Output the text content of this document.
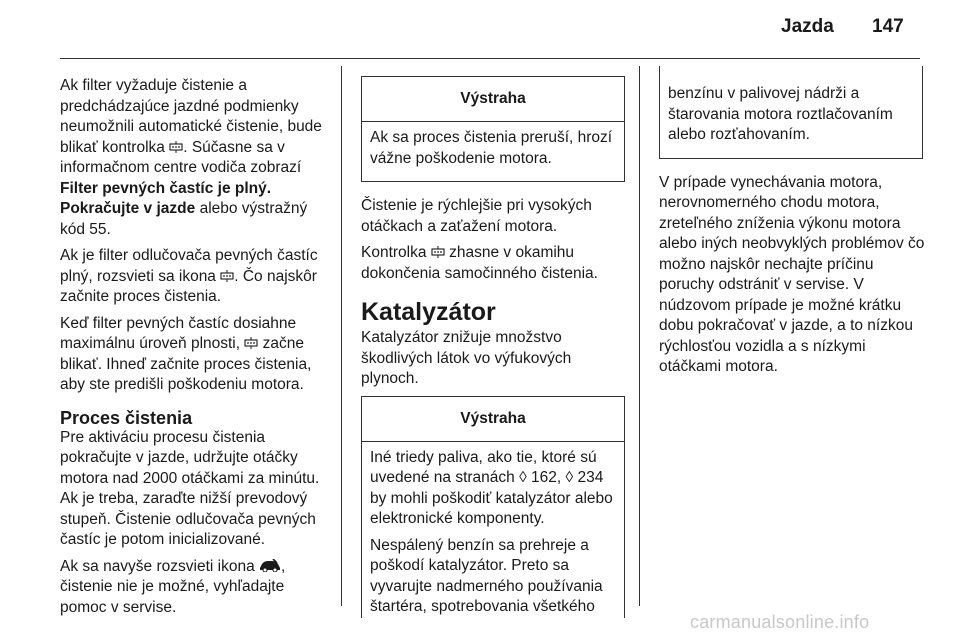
Jazda 147

Ak filter vyžaduje čistenie a predchádzajúce jazdné podmienky neumožnili automatické čistenie, bude blikať kontrolka . Súčasne sa v informačnom centre vodiča zobrazí Filter pevných častíc je plný. Pokračujte v jazde alebo výstražný kód 55.

Ak je filter odlučovača pevných častíc plný, rozsvieti sa ikona . Čo najskôr začnite proces čistenia.

Keď filter pevných častíc dosiahne maximálnu úroveň plnosti,  začne blikať. Ihneď začnite proces čistenia, aby ste predišli poškodeniu motora.

Proces čistenia

Pre aktiváciu procesu čistenia pokračujte v jazde, udržujte otáčky motora nad 2000 otáčkami za minútu. Ak je treba, zaraďte nižší prevodový stupeň. Čistenie odlučovača pevných častíc je potom inicializované.

Ak sa navyše rozsvieti ikona , čistenie nie je možné, vyhľadajte pomoc v servise.

Výstraha

Ak sa proces čistenia preruší, hrozí vážne poškodenie motora.

Čistenie je rýchlejšie pri vysokých otáčkach a zaťažení motora.

Kontrolka  zhasne v okamihu dokončenia samočinného čistenia.

Katalyzátor

Katalyzátor znižuje množstvo škodlivých látok vo výfukových plynoch.

Výstraha

Iné triedy paliva, ako tie, ktoré sú uvedené na stranách ◊ 162, ◊ 234 by mohli poškodiť katalyzátor alebo elektronické komponenty.

Nespálený benzín sa prehreje a poškodí katalyzátor. Preto sa vyvarujte nadmerného používania štartéra, spotrebovania všetkého

benzínu v palivovej nádrži a štarovania motora roztlačovaním alebo rozťahovaním.

V prípade vynechávania motora, nerovnomerného chodu motora, zreteľného zníženia výkonu motora alebo iných neobvyklých problémov čo možno najskôr nechajte príčinu poruchy odstrániť v servise. V núdzovom prípade je možné krátku dobu pokračovať v jazde, a to nízkou rýchlosťou vozidla a s nízkymi otáčkami motora.

carmanualsonline.info
